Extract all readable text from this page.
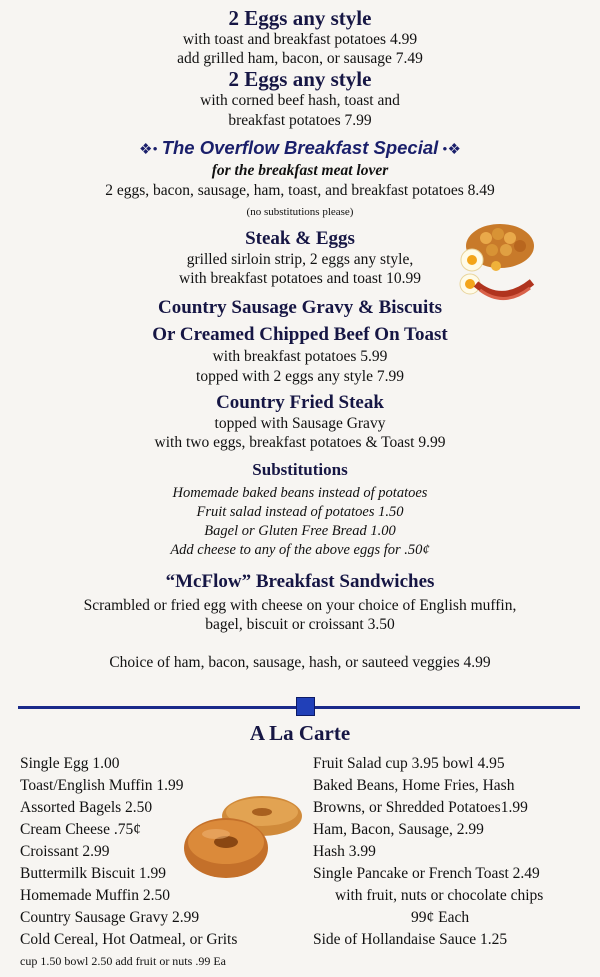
2 Eggs any style
with toast and breakfast potatoes 4.99
add grilled ham, bacon, or sausage 7.49
2 Eggs any style
with corned beef hash, toast and
breakfast potatoes 7.99
❖• The Overflow Breakfast Special •❖
for the breakfast meat lover
2 eggs, bacon, sausage, ham, toast, and breakfast potatoes 8.49
(no substitutions please)
Steak & Eggs
grilled sirloin strip, 2 eggs any style,
with breakfast potatoes and toast 10.99
Country Sausage Gravy & Biscuits
Or Creamed Chipped Beef On Toast
with breakfast potatoes 5.99
topped with 2 eggs any style 7.99
Country Fried Steak
topped with Sausage Gravy
with two eggs, breakfast potatoes & Toast 9.99
Substitutions
Homemade baked beans instead of potatoes
Fruit salad instead of potatoes 1.50
Bagel or Gluten Free Bread 1.00
Add cheese to any of the above eggs for .50¢
“McFlow” Breakfast Sandwiches
Scrambled or fried egg with cheese on your choice of English muffin,
bagel, biscuit or croissant 3.50
Choice of ham, bacon, sausage, hash, or sauteed veggies 4.99
A La Carte
Single Egg 1.00
Toast/English Muffin 1.99
Assorted Bagels 2.50
Cream Cheese .75¢
Croissant 2.99
Buttermilk Biscuit 1.99
Homemade Muffin 2.50
Country Sausage Gravy 2.99
Cold Cereal, Hot Oatmeal, or Grits
cup 1.50 bowl 2.50 add fruit or nuts .99 Ea
Fruit Salad cup 3.95 bowl 4.95
Baked Beans, Home Fries, Hash
Browns, or Shredded Potatoes1.99
Ham, Bacon, Sausage, 2.99
Hash 3.99
Single Pancake or French Toast 2.49
with fruit, nuts or chocolate chips
99¢ Each
Side of Hollandaise Sauce 1.25
